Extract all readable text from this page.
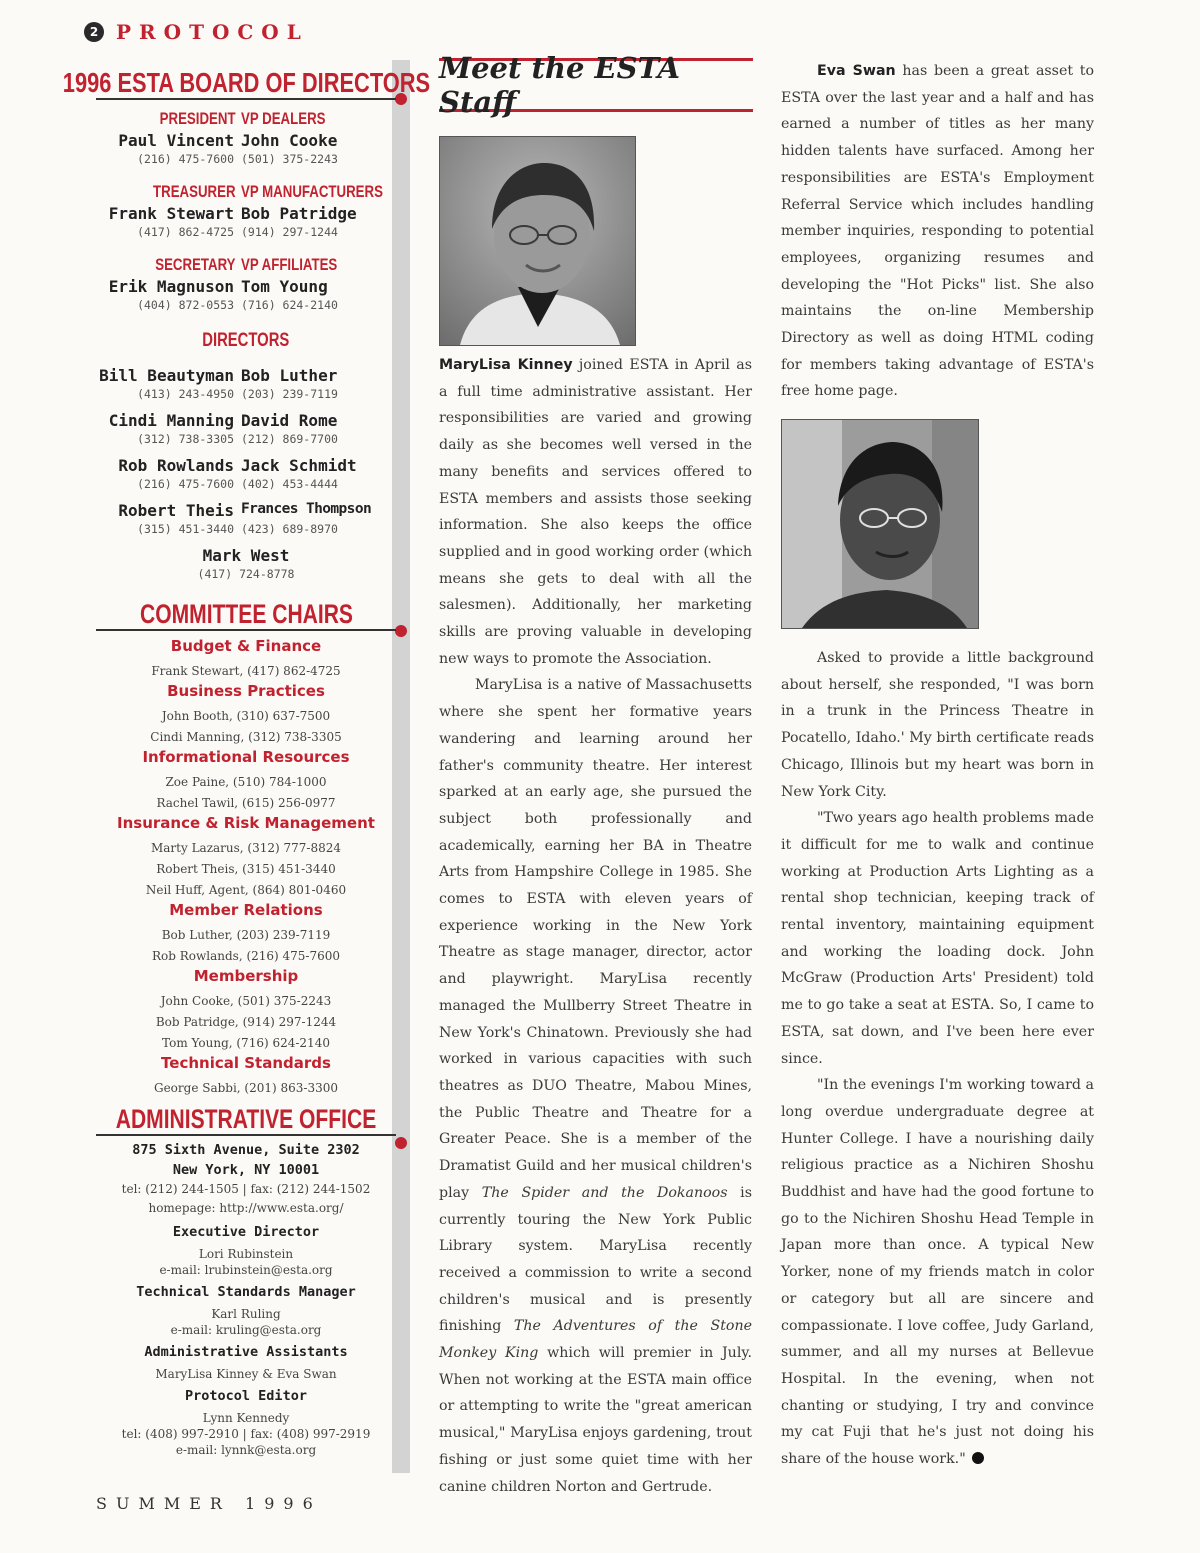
2 PROTOCOL
1996 ESTA BOARD OF DIRECTORS
PRESIDENT VP DEALERS
Paul Vincent John Cooke
(216) 475-7600 (501) 375-2243
TREASURER VP MANUFACTURERS
Frank Stewart Bob Patridge
(417) 862-4725 (914) 297-1244
SECRETARY VP AFFILIATES
Erik Magnuson Tom Young
(404) 872-0553 (716) 624-2140
DIRECTORS
Bill Beautyman Bob Luther
(413) 243-4950 (203) 239-7119
Cindi Manning David Rome
(312) 738-3305 (212) 869-7700
Rob Rowlands Jack Schmidt
(216) 475-7600 (402) 453-4444
Robert Theis Frances Thompson
(315) 451-3440 (423) 689-8970
Mark West
(417) 724-8778
COMMITTEE CHAIRS
Budget & Finance
Frank Stewart, (417) 862-4725
Business Practices
John Booth, (310) 637-7500
Cindi Manning, (312) 738-3305
Informational Resources
Zoe Paine, (510) 784-1000
Rachel Tawil, (615) 256-0977
Insurance & Risk Management
Marty Lazarus, (312) 777-8824
Robert Theis, (315) 451-3440
Neil Huff, Agent, (864) 801-0460
Member Relations
Bob Luther, (203) 239-7119
Rob Rowlands, (216) 475-7600
Membership
John Cooke, (501) 375-2243
Bob Patridge, (914) 297-1244
Tom Young, (716) 624-2140
Technical Standards
George Sabbi, (201) 863-3300
ADMINISTRATIVE OFFICE
875 Sixth Avenue, Suite 2302
New York, NY 10001
tel: (212) 244-1505 | fax: (212) 244-1502
homepage: http://www.esta.org/
Executive Director
Lori Rubinstein
e-mail: lrubinstein@esta.org
Technical Standards Manager
Karl Ruling
e-mail: kruling@esta.org
Administrative Assistants
MaryLisa Kinney & Eva Swan
Protocol Editor
Lynn Kennedy
tel: (408) 997-2910 | fax: (408) 997-2919
e-mail: lynnk@esta.org
Meet the ESTA Staff

MaryLisa Kinney joined ESTA in April as a full time administrative assistant. Her responsibilities are varied and growing daily as she becomes well versed in the many benefits and services offered to ESTA members and assists those seeking information. She also keeps the office supplied and in good working order (which means she gets to deal with all the salesmen). Additionally, her marketing skills are proving valuable in developing new ways to promote the Association.

MaryLisa is a native of Massachusetts where she spent her formative years wandering and learning around her father's community theatre. Her interest sparked at an early age, she pursued the subject both professionally and academically, earning her BA in Theatre Arts from Hampshire College in 1985. She comes to ESTA with eleven years of experience working in the New York Theatre as stage manager, director, actor and playwright. MaryLisa recently managed the Mullberry Street Theatre in New York's Chinatown. Previously she had worked in various capacities with such theatres as DUO Theatre, Mabou Mines, the Public Theatre and Theatre for a Greater Peace. She is a member of the Dramatist Guild and her musical children's play The Spider and the Dokanoos is currently touring the New York Public Library system. MaryLisa recently received a commission to write a second children's musical and is presently finishing The Adventures of the Stone Monkey King which will premier in July. When not working at the ESTA main office or attempting to write the "great american musical," MaryLisa enjoys gardening, trout fishing or just some quiet time with her canine children Norton and Gertrude.

Eva Swan has been a great asset to ESTA over the last year and a half and has earned a number of titles as her many hidden talents have surfaced. Among her responsibilities are ESTA's Employment Referral Service which includes handling member inquiries, responding to potential employees, organizing resumes and developing the "Hot Picks" list. She also maintains the on-line Membership Directory as well as doing HTML coding for members taking advantage of ESTA's free home page.

Asked to provide a little background about herself, she responded, "I was born in a trunk in the Princess Theatre in Pocatello, Idaho.' My birth certificate reads Chicago, Illinois but my heart was born in New York City.

"Two years ago health problems made it difficult for me to walk and continue working at Production Arts Lighting as a rental shop technician, keeping track of rental inventory, maintaining equipment and working the loading dock. John McGraw (Production Arts' President) told me to go take a seat at ESTA. So, I came to ESTA, sat down, and I've been here ever since.

"In the evenings I'm working toward a long overdue undergraduate degree at Hunter College. I have a nourishing daily religious practice as a Nichiren Shoshu Buddhist and have had the good fortune to go to the Nichiren Shoshu Head Temple in Japan more than once. A typical New Yorker, none of my friends match in color or category but all are sincere and compassionate. I love coffee, Judy Garland, summer, and all my nurses at Bellevue Hospital. In the evening, when not chanting or studying, I try and convince my cat Fuji that he's just not doing his share of the house work."

SUMMER 1996
